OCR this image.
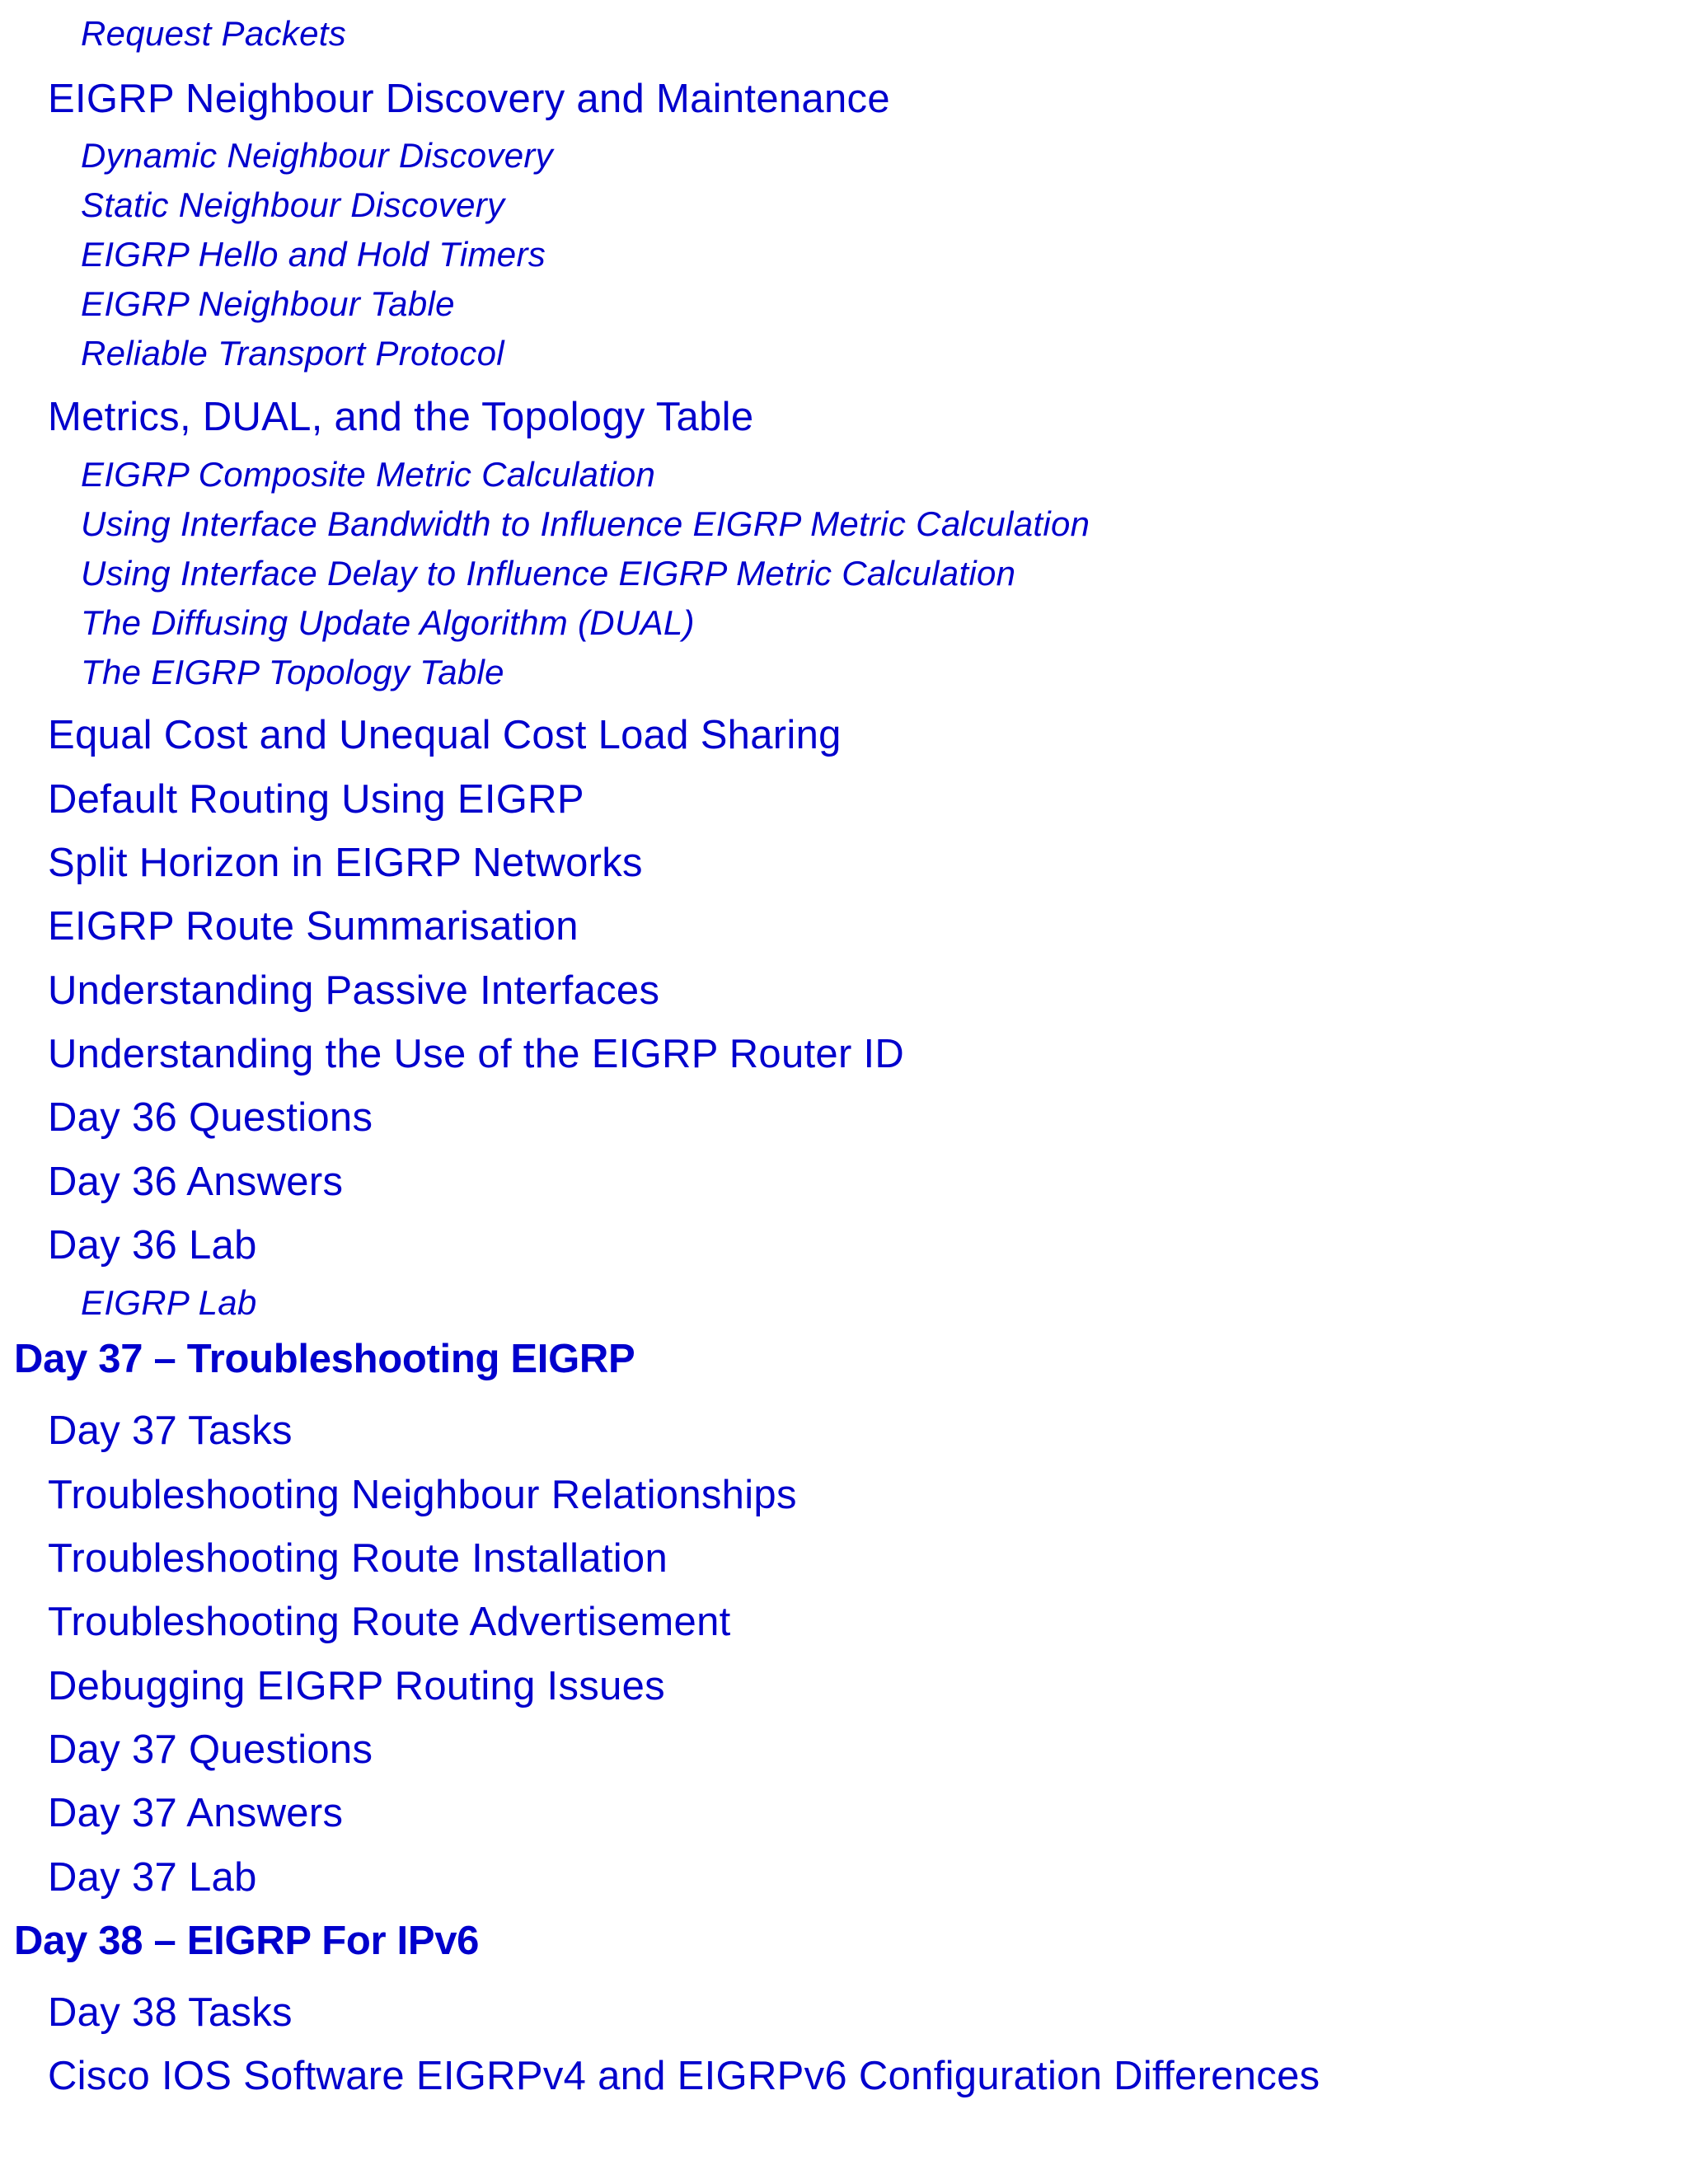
Request Packets
EIGRP Neighbour Discovery and Maintenance
Dynamic Neighbour Discovery
Static Neighbour Discovery
EIGRP Hello and Hold Timers
EIGRP Neighbour Table
Reliable Transport Protocol
Metrics, DUAL, and the Topology Table
EIGRP Composite Metric Calculation
Using Interface Bandwidth to Influence EIGRP Metric Calculation
Using Interface Delay to Influence EIGRP Metric Calculation
The Diffusing Update Algorithm (DUAL)
The EIGRP Topology Table
Equal Cost and Unequal Cost Load Sharing
Default Routing Using EIGRP
Split Horizon in EIGRP Networks
EIGRP Route Summarisation
Understanding Passive Interfaces
Understanding the Use of the EIGRP Router ID
Day 36 Questions
Day 36 Answers
Day 36 Lab
EIGRP Lab
Day 37 – Troubleshooting EIGRP
Day 37 Tasks
Troubleshooting Neighbour Relationships
Troubleshooting Route Installation
Troubleshooting Route Advertisement
Debugging EIGRP Routing Issues
Day 37 Questions
Day 37 Answers
Day 37 Lab
Day 38 – EIGRP For IPv6
Day 38 Tasks
Cisco IOS Software EIGRPv4 and EIGRPv6 Configuration Differences
